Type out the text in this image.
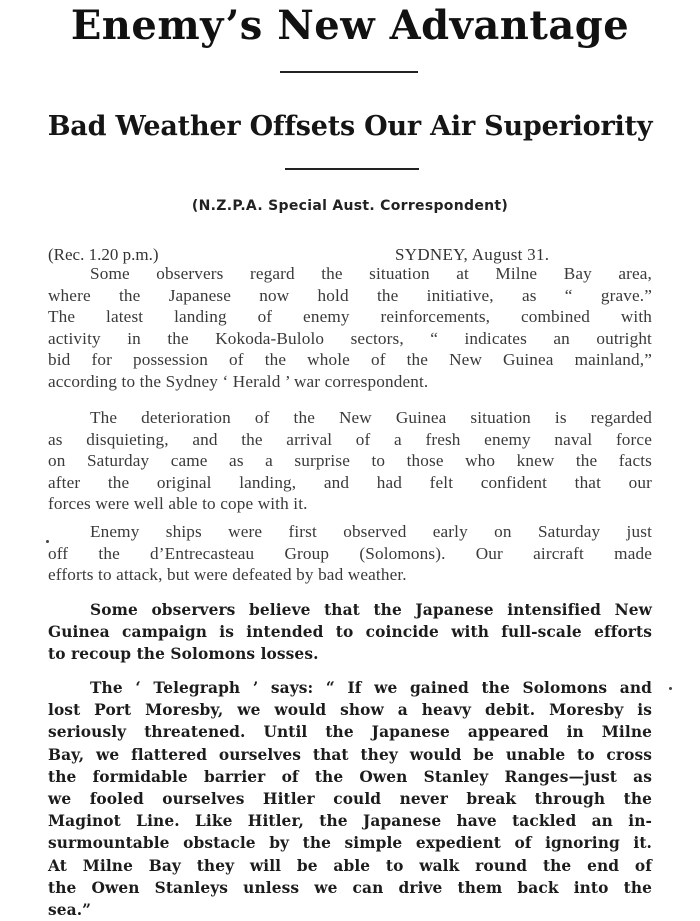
Enemy’s New Advantage
Bad Weather Offsets Our Air Superiority
(N.Z.P.A. Special Aust. Correspondent)
(Rec. 1.20 p.m.)	SYDNEY, August 31.
Some observers regard the situation at Milne Bay area,
where the Japanese now hold the initiative, as “ grave.”
The latest landing of enemy reinforcements, combined with
activity in the Kokoda-Bulolo sectors, “ indicates an outright
bid for possession of the whole of the New Guinea mainland,”
according to the Sydney ‘ Herald ’ war correspondent.
The deterioration of the New Guinea situation is regarded
as disquieting, and the arrival of a fresh enemy naval force
on Saturday came as a surprise to those who knew the facts
after the original landing, and had felt confident that our
forces were well able to cope with it.
Enemy ships were first observed early on Saturday just
off the d’Entrecasteau Group (Solomons). Our aircraft made
efforts to attack, but were defeated by bad weather.
Some observers believe that the Japanese intensified New
Guinea campaign is intended to coincide with full-scale efforts
to recoup the Solomons losses.
The ‘ Telegraph ’ says: “ If we gained the Solomons and
lost Port Moresby, we would show a heavy debit. Moresby is
seriously threatened. Until the Japanese appeared in Milne
Bay, we flattered ourselves that they would be unable to cross
the formidable barrier of the Owen Stanley Ranges—just as
we fooled ourselves Hitler could never break through the
Maginot Line. Like Hitler, the Japanese have tackled an in-
surmountable obstacle by the simple expedient of ignoring it.
At Milne Bay they will be able to walk round the end of
the Owen Stanleys unless we can drive them back into the
sea.”
